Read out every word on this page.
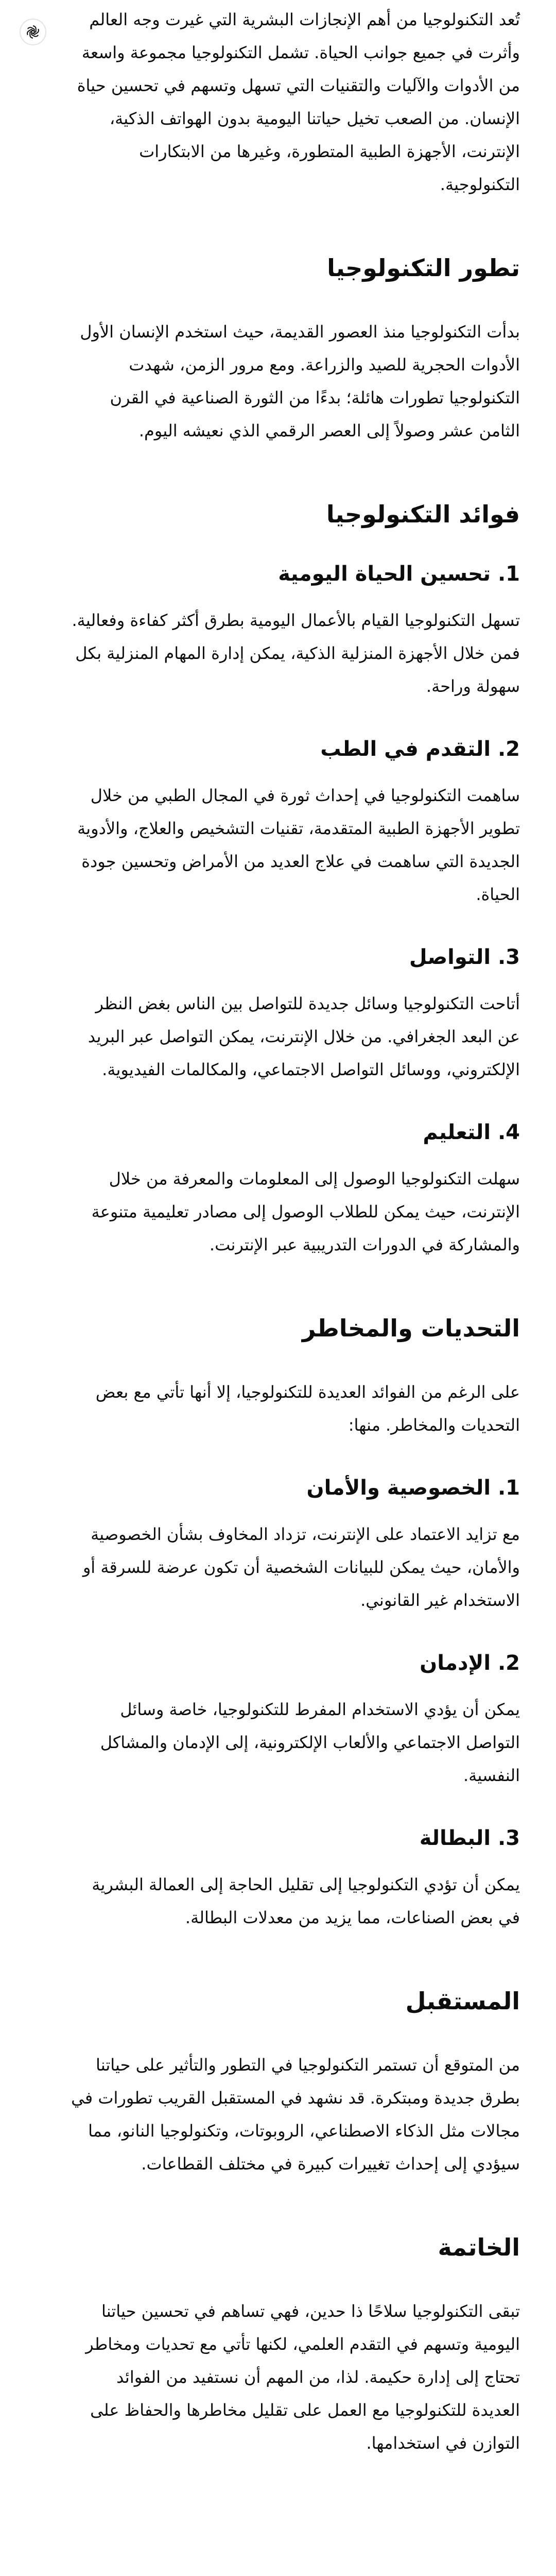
تُعد التكنولوجيا من أهم الإنجازات البشرية التي غيرت وجه العالم وأثرت في جميع جوانب الحياة. تشمل التكنولوجيا مجموعة واسعة من الأدوات والآليات والتقنيات التي تسهل وتسهم في تحسين حياة الإنسان. من الصعب تخيل حياتنا اليومية بدون الهواتف الذكية، الإنترنت، الأجهزة الطبية المتطورة، وغيرها من الابتكارات التكنولوجية.

تطور التكنولوجيا

بدأت التكنولوجيا منذ العصور القديمة، حيث استخدم الإنسان الأول الأدوات الحجرية للصيد والزراعة. ومع مرور الزمن، شهدت التكنولوجيا تطورات هائلة؛ بدءًا من الثورة الصناعية في القرن الثامن عشر وصولاً إلى العصر الرقمي الذي نعيشه اليوم.

فوائد التكنولوجيا
1. تحسين الحياة اليومية

تسهل التكنولوجيا القيام بالأعمال اليومية بطرق أكثر كفاءة وفعالية. فمن خلال الأجهزة المنزلية الذكية، يمكن إدارة المهام المنزلية بكل سهولة وراحة.

2. التقدم في الطب

ساهمت التكنولوجيا في إحداث ثورة في المجال الطبي من خلال تطوير الأجهزة الطبية المتقدمة، تقنيات التشخيص والعلاج، والأدوية الجديدة التي ساهمت في علاج العديد من الأمراض وتحسين جودة الحياة.

3. التواصل

أتاحت التكنولوجيا وسائل جديدة للتواصل بين الناس بغض النظر عن البعد الجغرافي. من خلال الإنترنت، يمكن التواصل عبر البريد الإلكتروني، ووسائل التواصل الاجتماعي، والمكالمات الفيديوية.

4. التعليم

سهلت التكنولوجيا الوصول إلى المعلومات والمعرفة من خلال الإنترنت، حيث يمكن للطلاب الوصول إلى مصادر تعليمية متنوعة والمشاركة في الدورات التدريبية عبر الإنترنت.

التحديات والمخاطر

على الرغم من الفوائد العديدة للتكنولوجيا، إلا أنها تأتي مع بعض التحديات والمخاطر. منها:

1. الخصوصية والأمان

مع تزايد الاعتماد على الإنترنت، تزداد المخاوف بشأن الخصوصية والأمان، حيث يمكن للبيانات الشخصية أن تكون عرضة للسرقة أو الاستخدام غير القانوني.

2. الإدمان

يمكن أن يؤدي الاستخدام المفرط للتكنولوجيا، خاصة وسائل التواصل الاجتماعي والألعاب الإلكترونية، إلى الإدمان والمشاكل النفسية.

3. البطالة

يمكن أن تؤدي التكنولوجيا إلى تقليل الحاجة إلى العمالة البشرية في بعض الصناعات، مما يزيد من معدلات البطالة.

المستقبل

من المتوقع أن تستمر التكنولوجيا في التطور والتأثير على حياتنا بطرق جديدة ومبتكرة. قد نشهد في المستقبل القريب تطورات في مجالات مثل الذكاء الاصطناعي، الروبوتات، وتكنولوجيا النانو، مما سيؤدي إلى إحداث تغييرات كبيرة في مختلف القطاعات.

الخاتمة

تبقى التكنولوجيا سلاحًا ذا حدين، فهي تساهم في تحسين حياتنا اليومية وتسهم في التقدم العلمي، لكنها تأتي مع تحديات ومخاطر تحتاج إلى إدارة حكيمة. لذا، من المهم أن نستفيد من الفوائد العديدة للتكنولوجيا مع العمل على تقليل مخاطرها والحفاظ على التوازن في استخدامها.
